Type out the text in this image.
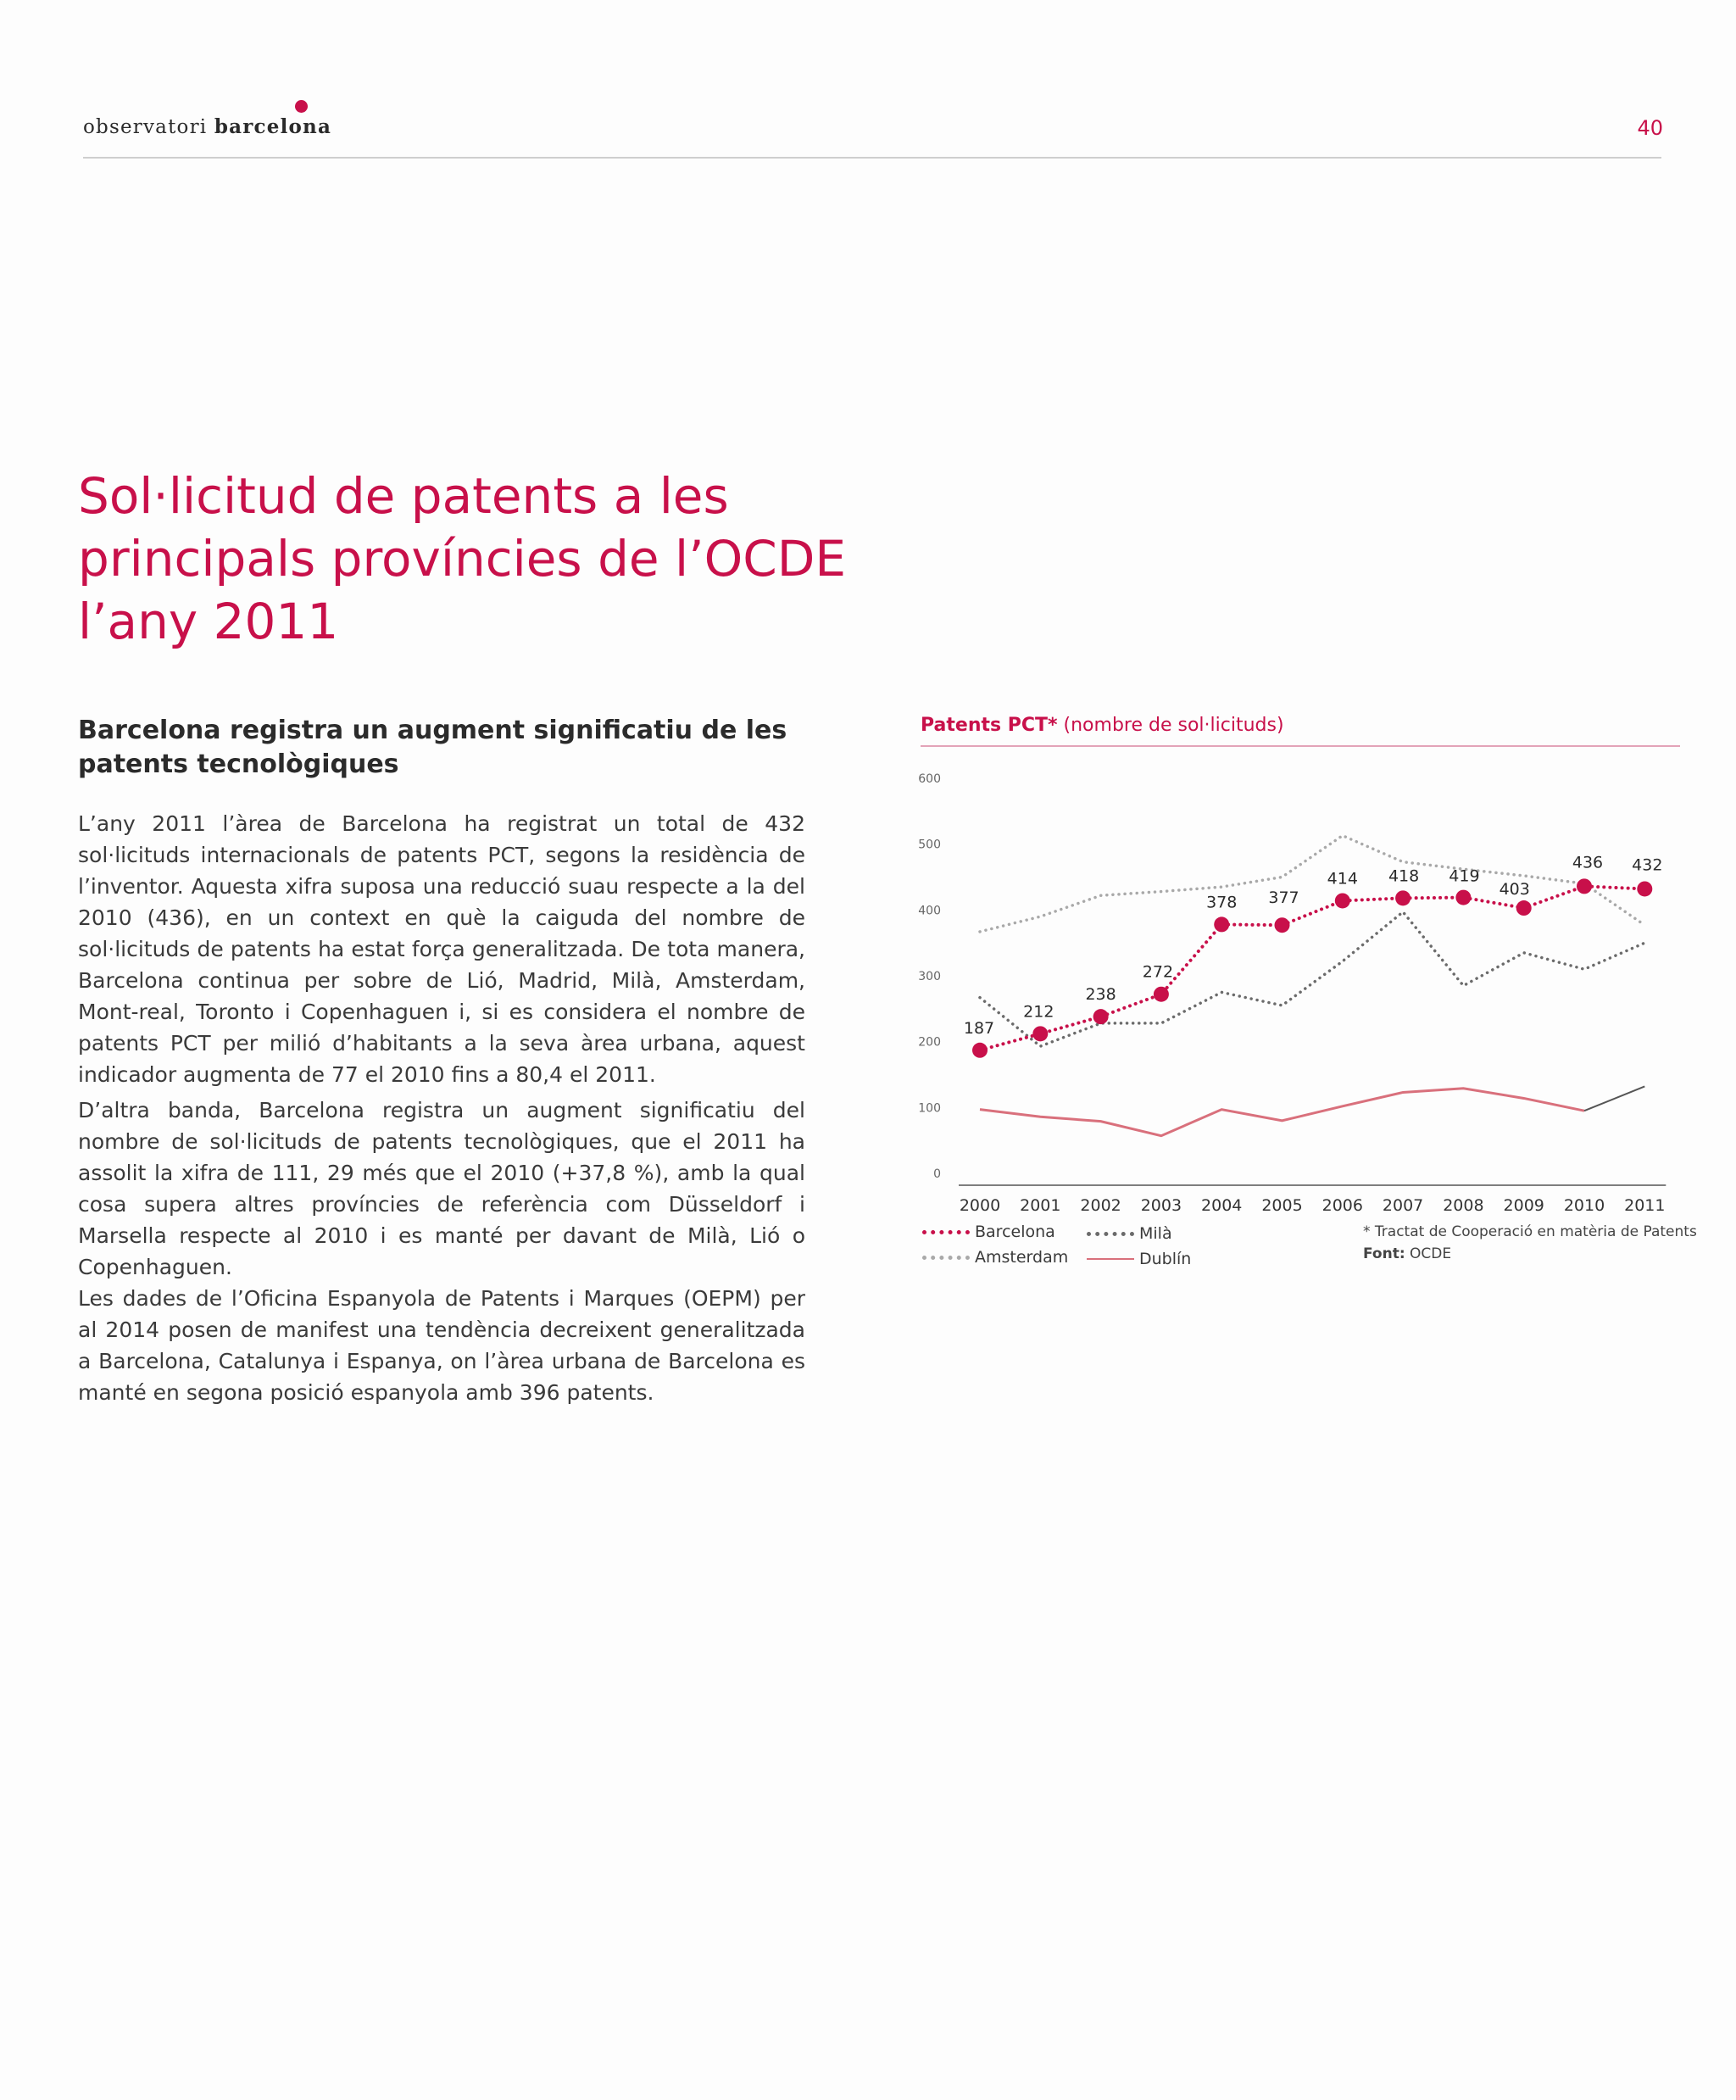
observatori barcelona	40
Sol·licitud de patents a les
principals províncies de l’OCDE
l’any 2011
Barcelona registra un augment significatiu de les patents tecnològiques

L’any 2011 l’àrea de Barcelona ha registrat un total de 432 sol·licituds internacionals de patents PCT, segons la residència de l’inventor. Aquesta xifra suposa una reducció suau respecte a la del 2010 (436), en un context en què la caiguda del nombre de sol·licituds de patents ha estat força generalitzada. De tota manera, Barcelona continua per sobre de Lió, Madrid, Milà, Amsterdam, Mont-real, Toronto i Copenhaguen i, si es considera el nombre de patents PCT per milió d’habitants a la seva àrea urbana, aquest indicador augmenta de 77 el 2010 fins a 80,4 el 2011.

D’altra banda, Barcelona registra un augment significatiu del nombre de sol·licituds de patents tecnològiques, que el 2011 ha assolit la xifra de 111, 29 més que el 2010 (+37,8 %), amb la qual cosa supera altres províncies de referència com Düsseldorf i Marsella respecte al 2010 i es manté per davant de Milà, Lió o Copenhaguen.

Les dades de l’Oficina Espanyola de Patents i Marques (OEPM) per al 2014 posen de manifest una tendència decreixent generalitzada a Barcelona, Catalunya i Espanya, on l’àrea urbana de Barcelona es manté en segona posició espanyola amb 396 patents.

Patents PCT* (nombre de sol·licituds)
0
100
200
300
400
500
600
2000 2001 2002 2003 2004 2005 2006 2007 2008 2009 2010 2011
187
212
238
272
378 377
414 418 419
403
436 432
Barcelona
Amsterdam
Milà
Dublín
* Tractat de Cooperació en matèria de Patents
Font: OCDE
